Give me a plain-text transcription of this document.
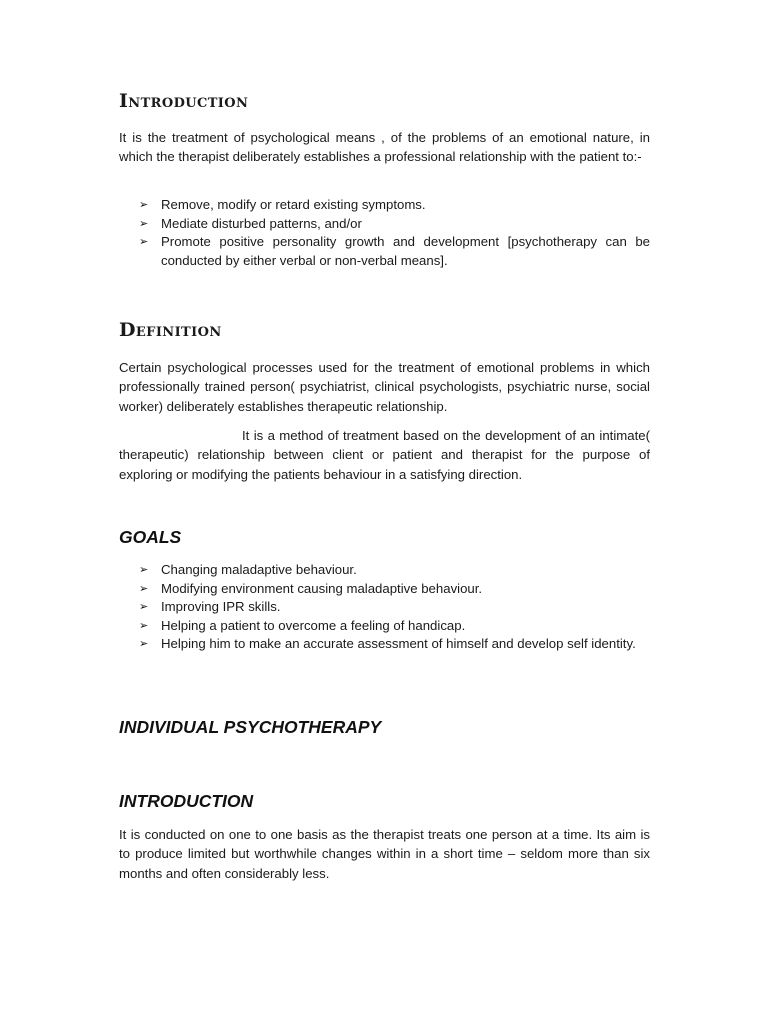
Introduction

It is the treatment of psychological means , of the problems of an emotional nature, in which the therapist deliberately establishes a professional relationship with the patient to:-

➢ Remove, modify or retard existing symptoms.
➢ Mediate disturbed patterns, and/or
➢ Promote positive personality growth and development [psychotherapy can be conducted by either verbal or non-verbal means].
Definition

Certain psychological processes used for the treatment of emotional problems in which professionally trained person( psychiatrist, clinical psychologists, psychiatric nurse, social worker) deliberately establishes therapeutic relationship.

It is a method of treatment based on the development of an intimate( therapeutic) relationship between client or patient and therapist for the purpose of exploring or modifying the patients behaviour in a satisfying direction.

GOALS
➢ Changing maladaptive behaviour.
➢ Modifying environment causing maladaptive behaviour.
➢ Improving IPR skills.
➢ Helping a patient to overcome a feeling of handicap.
➢ Helping him to make an accurate assessment of himself and develop self identity.
INDIVIDUAL PSYCHOTHERAPY
INTRODUCTION

It is conducted on one to one basis as the therapist treats one person at a time. Its aim is to produce limited but worthwhile changes within in a short time – seldom more than six months and often considerably less.
